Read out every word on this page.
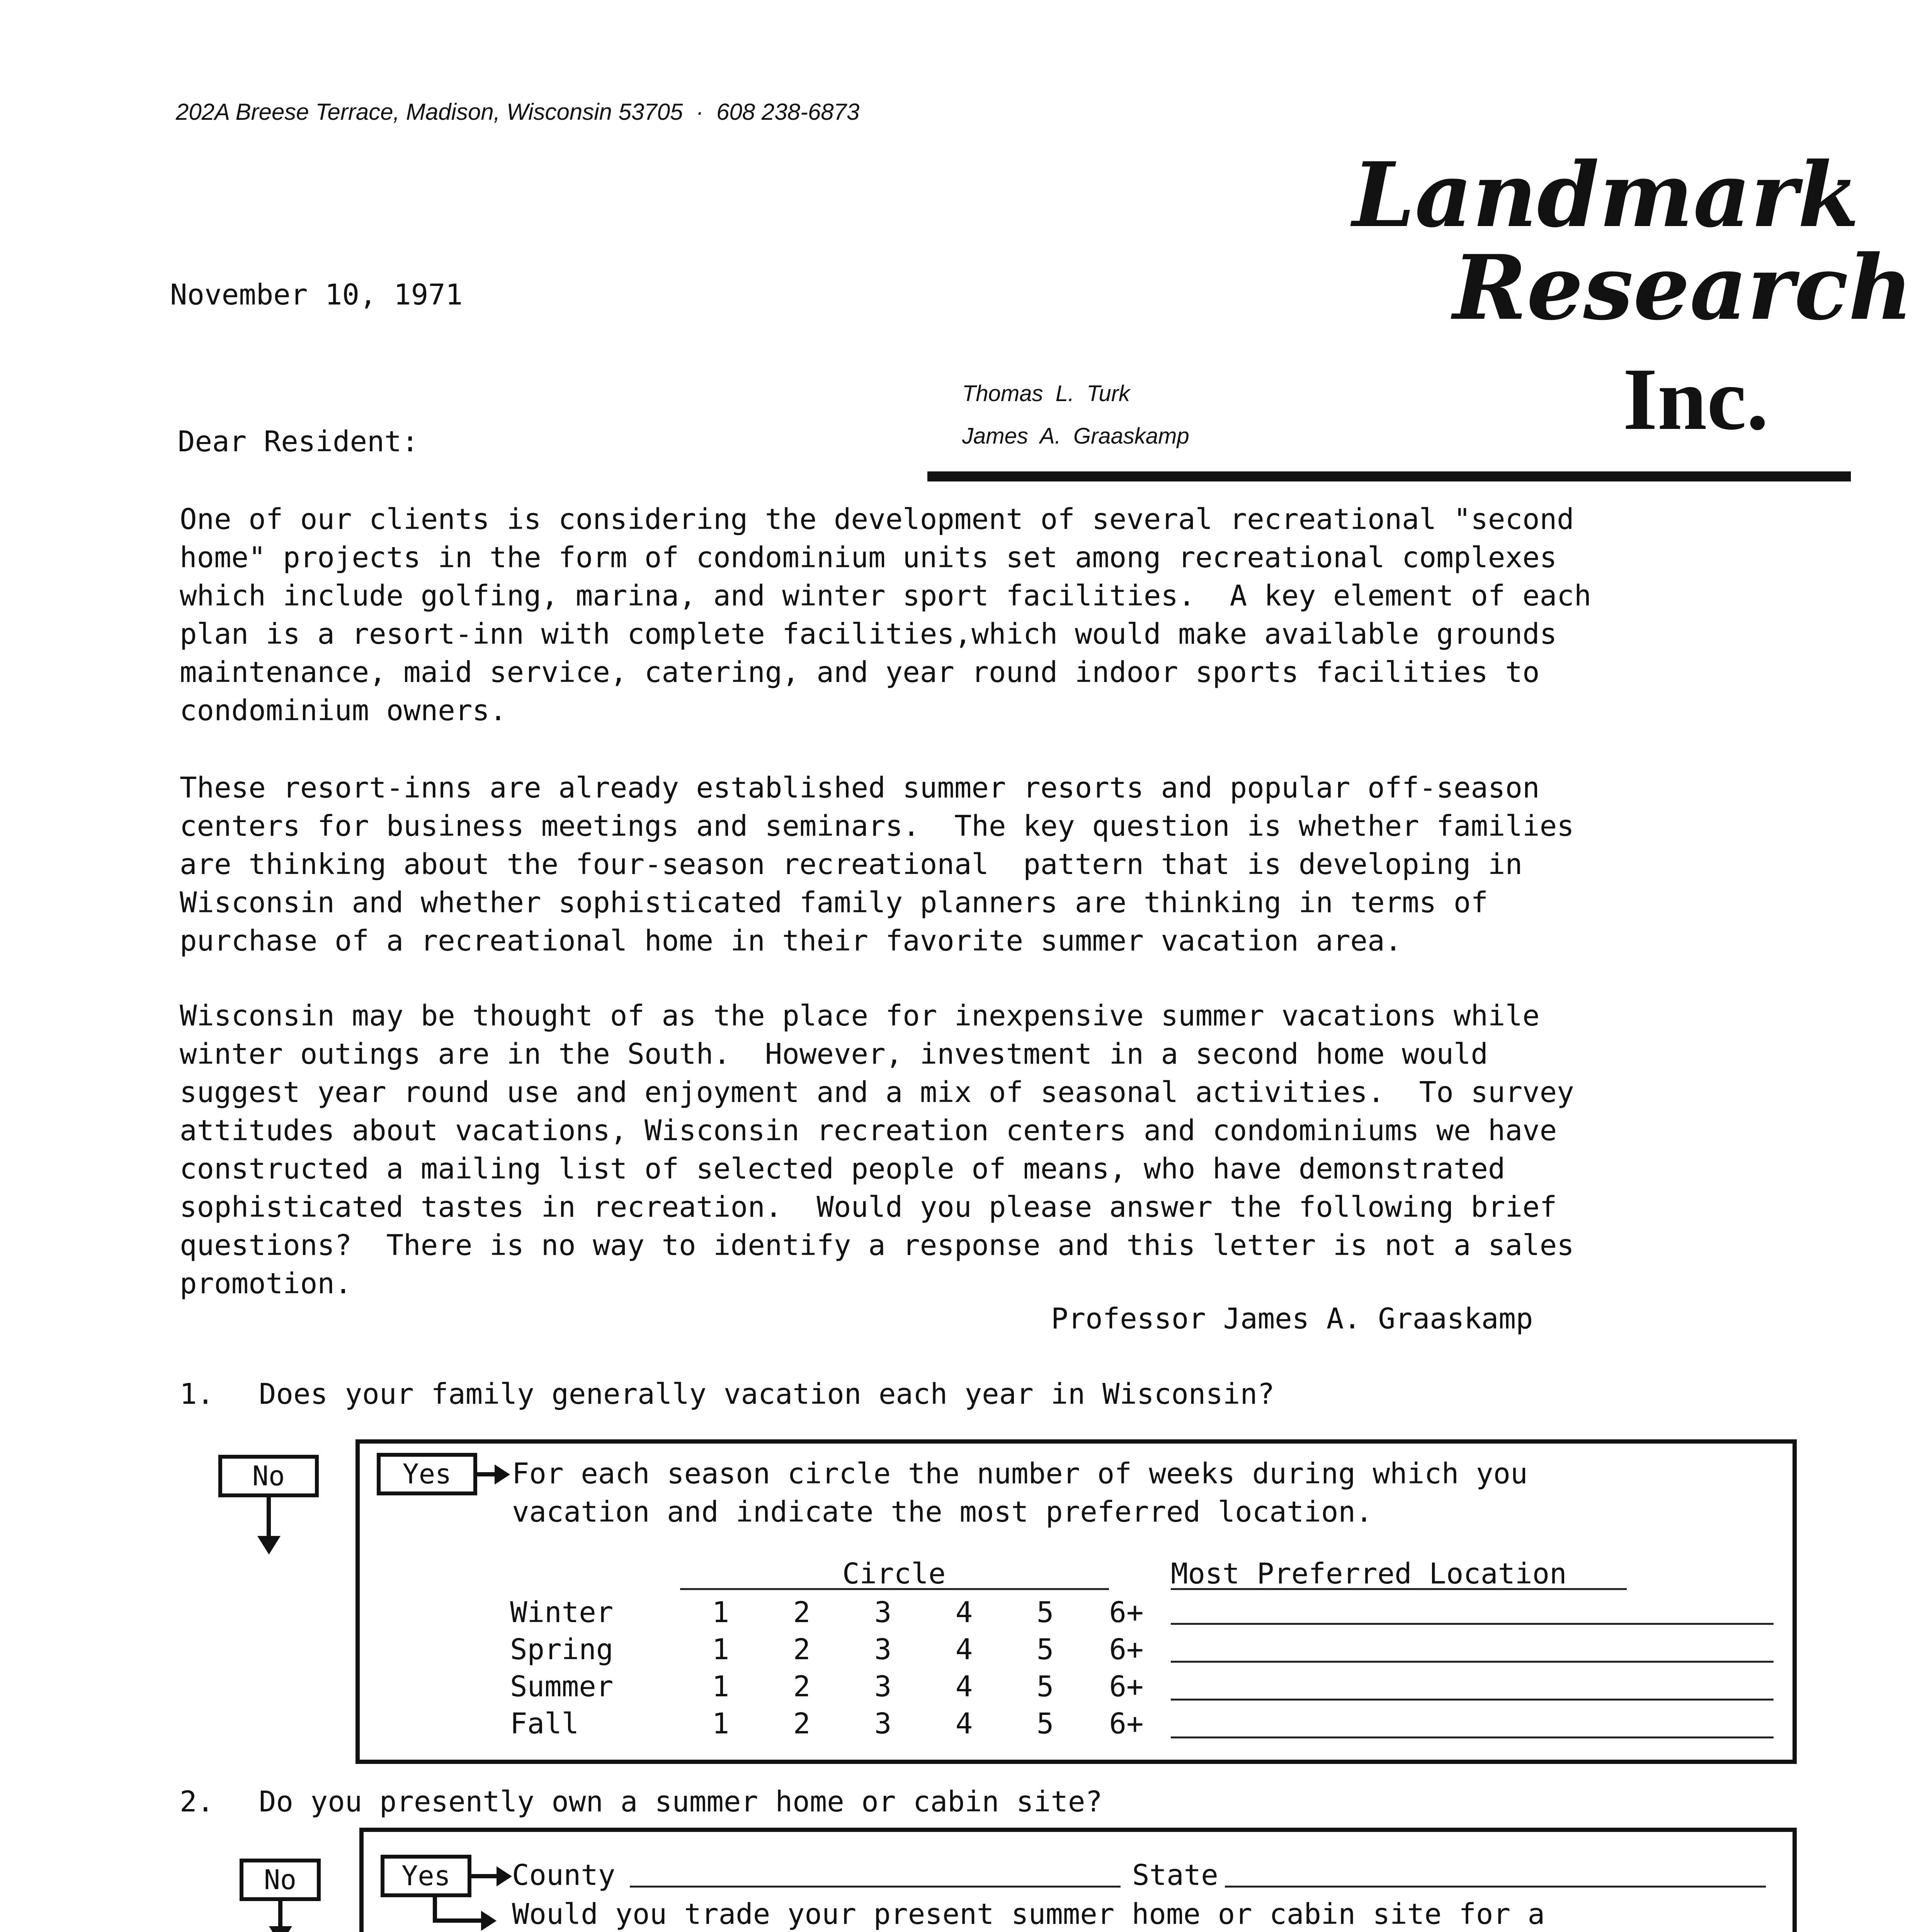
202A Breese Terrace, Madison, Wisconsin 53705  ·  608 238-6873
Landmark
Research
Inc.
November 10, 1971
Thomas  L.  Turk
James  A.  Graaskamp
Dear Resident:
One of our clients is considering the development of several recreational "second
home" projects in the form of condominium units set among recreational complexes
which include golfing, marina, and winter sport facilities.  A key element of each
plan is a resort-inn with complete facilities,which would make available grounds
maintenance, maid service, catering, and year round indoor sports facilities to
condominium owners.
These resort-inns are already established summer resorts and popular off-season
centers for business meetings and seminars.  The key question is whether families
are thinking about the four-season recreational  pattern that is developing in
Wisconsin and whether sophisticated family planners are thinking in terms of
purchase of a recreational home in their favorite summer vacation area.
Wisconsin may be thought of as the place for inexpensive summer vacations while
winter outings are in the South.  However, investment in a second home would
suggest year round use and enjoyment and a mix of seasonal activities.  To survey
attitudes about vacations, Wisconsin recreation centers and condominiums we have
constructed a mailing list of selected people of means, who have demonstrated
sophisticated tastes in recreation.  Would you please answer the following brief
questions?  There is no way to identify a response and this letter is not a sales
promotion.
Professor James A. Graaskamp
1. Does your family generally vacation each year in Wisconsin?
No	Yes	For each season circle the number of weeks during which you
vacation and indicate the most preferred location.
Circle	Most Preferred Location
Winter	1	2	3	4	5	6+
Spring	1	2	3	4	5	6+
Summer	1	2	3	4	5	6+
Fall	1	2	3	4	5	6+
2. Do you presently own a summer home or cabin site?
No	Yes	County	State
Would you trade your present summer home or cabin site for a
